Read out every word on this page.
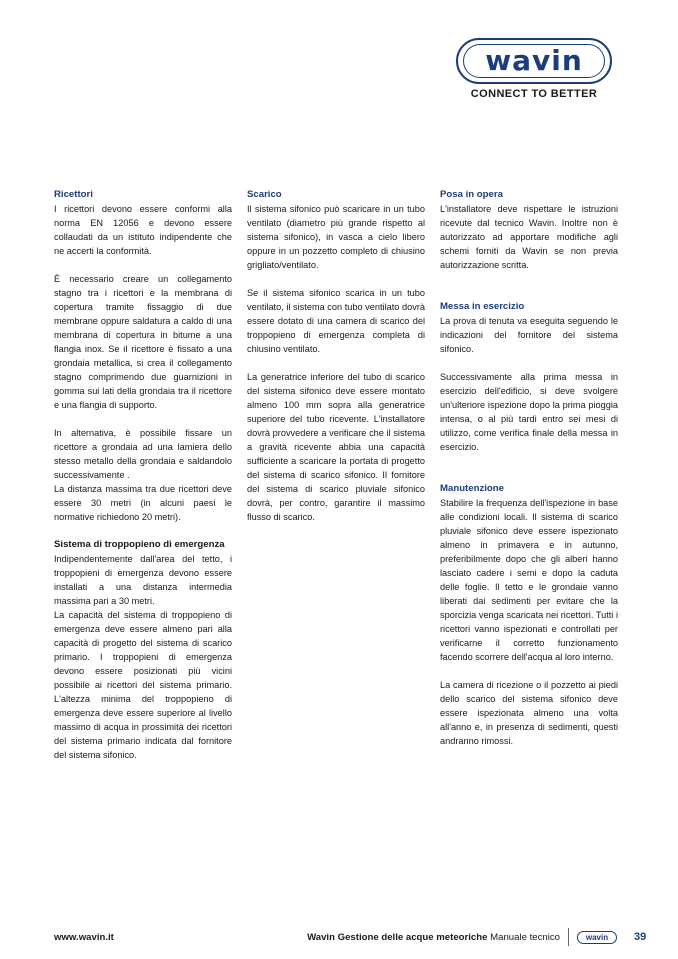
wavin
CONNECT TO BETTER

Ricettori

I ricettori devono essere conformi alla norma EN 12056 e devono essere collaudati da un istituto indipendente che ne accerti la conformità.

È necessario creare un collegamento stagno tra i ricettori e la membrana di copertura tramite fissaggio di due membrane oppure saldatura a caldo di una membrana di copertura in bitume a una flangia inox. Se il ricettore è fissato a una grondaia metallica, si crea il collegamento stagno comprimendo due guarnizioni in gomma sui lati della grondaia tra il ricettore e una flangia di supporto.

In alternativa, è possibile fissare un ricettore a grondaia ad una lamiera dello stesso metallo della grondaia e saldandolo successivamente .

La distanza massima tra due ricettori deve essere 30 metri (in alcuni paesi le normative richiedono 20 metri).

Sistema di troppopieno di emergenza

Indipendentemente dall'area del tetto, i troppopieni di emergenza devono essere installati a una distanza intermedia massima pari a 30 metri.

La capacità del sistema di troppopieno di emergenza deve essere almeno pari alla capacità di progetto del sistema di scarico primario. I troppopieni di emergenza devono essere posizionati più vicini possibile ai ricettori del sistema primario. L'altezza minima del troppopieno di emergenza deve essere superiore al livello massimo di acqua in prossimità dei ricettori del sistema primario indicata dal fornitore del sistema sifonico.

Scarico

Il sistema sifonico può scaricare in un tubo ventilato (diametro più grande rispetto al sistema sifonico), in vasca a cielo libero oppure in un pozzetto completo di chiusino grigliato/ventilato.

Se il sistema sifonico scarica in un tubo ventilato, il sistema con tubo ventilato dovrà essere dotato di una camera di scarico del troppopieno di emergenza completa di chiusino ventilato.

La generatrice inferiore del tubo di scarico del sistema sifonico deve essere montato almeno 100 mm sopra alla generatrice superiore del tubo ricevente. L'installatore dovrà provvedere a verificare che il sistema a gravità ricevente abbia una capacità sufficiente a scaricare la portata di progetto del sistema di scarico sifonico. Il fornitore del sistema di scarico pluviale sifonico dovrà, per contro, garantire il massimo flusso di scarico.

Posa in opera

L'installatore deve rispettare le istruzioni ricevute dal tecnico Wavin. Inoltre non è autorizzato ad apportare modifiche agli schemi forniti da Wavin se non previa autorizzazione scritta.

Messa in esercizio

La prova di tenuta va eseguita seguendo le indicazioni del fornitore del sistema sifonico.

Successivamente alla prima messa in esercizio dell'edificio, si deve svolgere un'ulteriore ispezione dopo la prima pioggia intensa, o al più tardi entro sei mesi di utilizzo, come verifica finale della messa in esercizio.

Manutenzione

Stabilire la frequenza dell'ispezione in base alle condizioni locali. Il sistema di scarico pluviale sifonico deve essere ispezionato almeno in primavera e in autunno, preferibilmente dopo che gli alberi hanno lasciato cadere i semi e dopo la caduta delle foglie. Il tetto e le grondaie vanno liberati dai sedimenti per evitare che la sporcizia venga scaricata nei ricettori. Tutti i ricettori vanno ispezionati e controllati per verificarne il corretto funzionamento facendo scorrere dell'acqua al loro interno.

La camera di ricezione o il pozzetto ai piedi dello scarico del sistema sifonico deve essere ispezionata almeno una volta all'anno e, in presenza di sedimenti, questi andranno rimossi.

www.wavin.it	Wavin Gestione delle acque meteoriche Manuale tecnico	wavin 39
